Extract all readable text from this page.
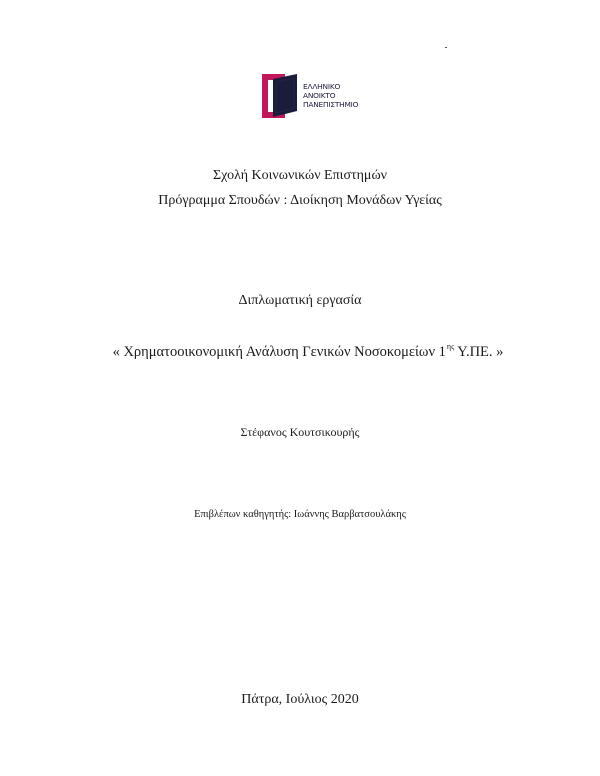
ΕΛΛΗΝΙΚΟ
ΑΝΟΙΚΤΟ
ΠΑΝΕΠΙΣΤΗΜΙΟ
Σχολή Κοινωνικών Επιστημών
Πρόγραμμα Σπουδών : Διοίκηση Μονάδων Υγείας
Διπλωματική εργασία
« Χρηματοοικονομική Ανάλυση Γενικών Νοσοκομείων $1^{\eta\varsigma}$ Υ.ΠΕ. »
Στέφανος Κουτσικουρής
Επιβλέπων καθηγητής: Ιωάννης Βαρβατσουλάκης
Πάτρα, Ιούλιος 2020
